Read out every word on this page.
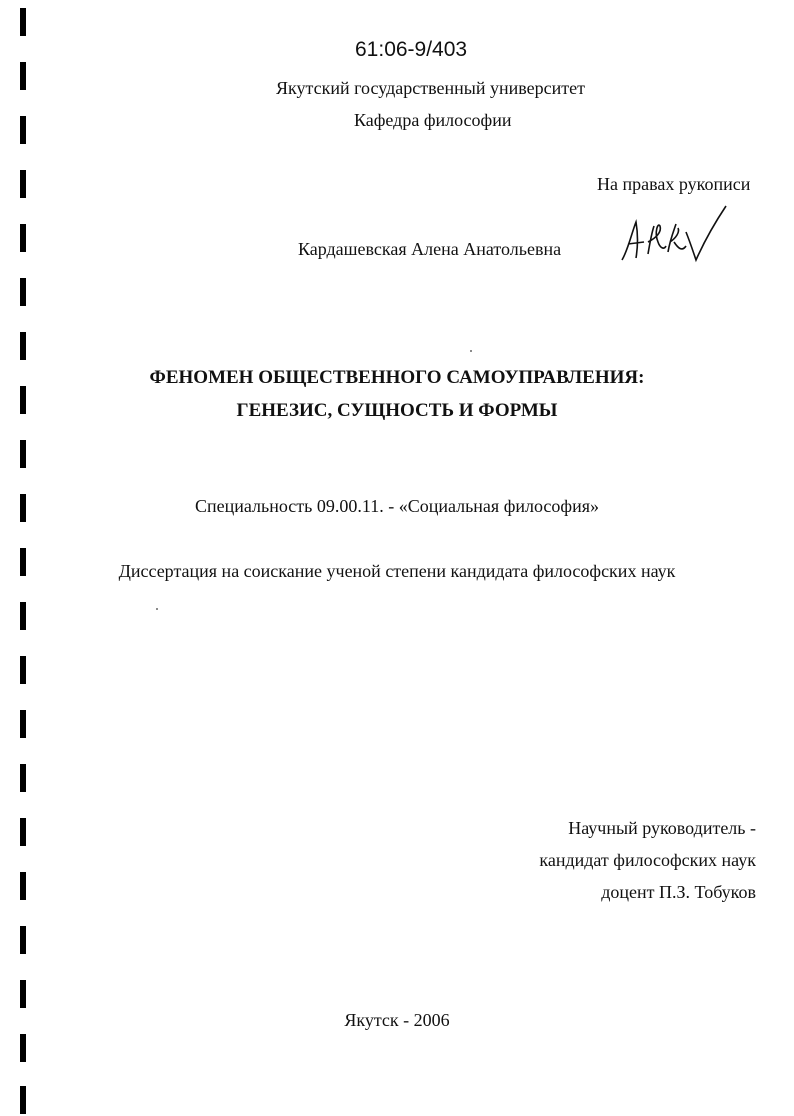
61:06-9/403
Якутский государственный университет
Кафедра философии
На правах рукописи
Кардашевская Алена Анатольевна
ФЕНОМЕН ОБЩЕСТВЕННОГО САМОУПРАВЛЕНИЯ:
ГЕНЕЗИС, СУЩНОСТЬ И ФОРМЫ
Специальность 09.00.11. - «Социальная философия»
Диссертация на соискание ученой степени кандидата философских наук
Научный руководитель -
кандидат философских наук
доцент П.З. Тобуков
Якутск - 2006
